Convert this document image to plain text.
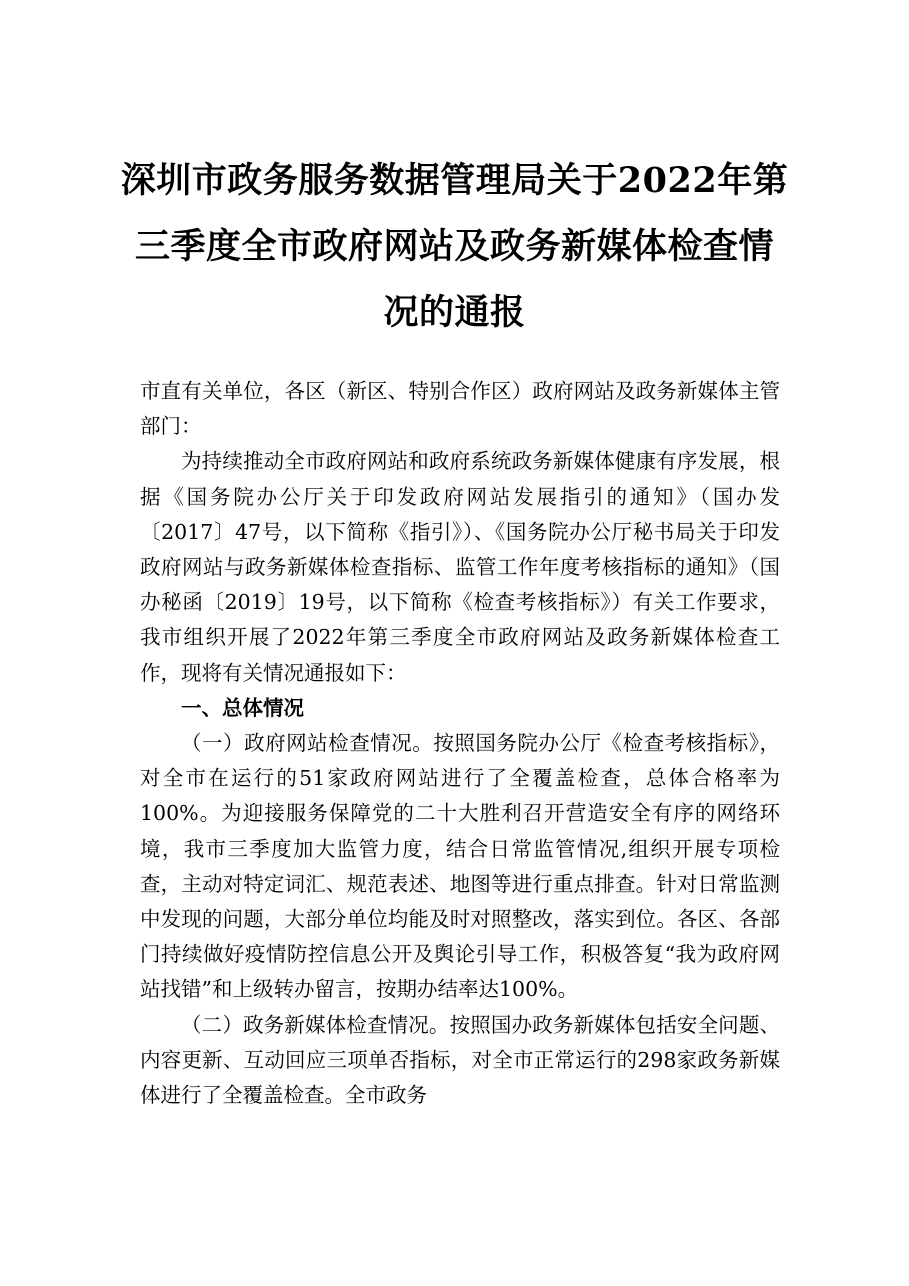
深圳市政务服务数据管理局关于2022年第
三季度全市政府网站及政务新媒体检查情
况的通报

市直有关单位，各区（新区、特别合作区）政府网站及政务新媒体主管部门：

为持续推动全市政府网站和政府系统政务新媒体健康有序发展，根据《国务院办公厅关于印发政府网站发展指引的通知》（国办发〔2017〕47号，以下简称《指引》）、《国务院办公厅秘书局关于印发政府网站与政务新媒体检查指标、监管工作年度考核指标的通知》（国办秘函〔2019〕19号，以下简称《检查考核指标》）有关工作要求，我市组织开展了2022年第三季度全市政府网站及政务新媒体检查工作，现将有关情况通报如下：

一、总体情况

（一）政府网站检查情况。按照国务院办公厅《检查考核指标》，对全市在运行的51家政府网站进行了全覆盖检查，总体合格率为100%。为迎接服务保障党的二十大胜利召开营造安全有序的网络环境，我市三季度加大监管力度，结合日常监管情况,组织开展专项检查，主动对特定词汇、规范表述、地图等进行重点排查。针对日常监测中发现的问题，大部分单位均能及时对照整改，落实到位。各区、各部门持续做好疫情防控信息公开及舆论引导工作，积极答复“我为政府网站找错”和上级转办留言，按期办结率达100%。

（二）政务新媒体检查情况。按照国办政务新媒体包括安全问题、内容更新、互动回应三项单否指标，对全市正常运行的298家政务新媒体进行了全覆盖检查。全市政务
